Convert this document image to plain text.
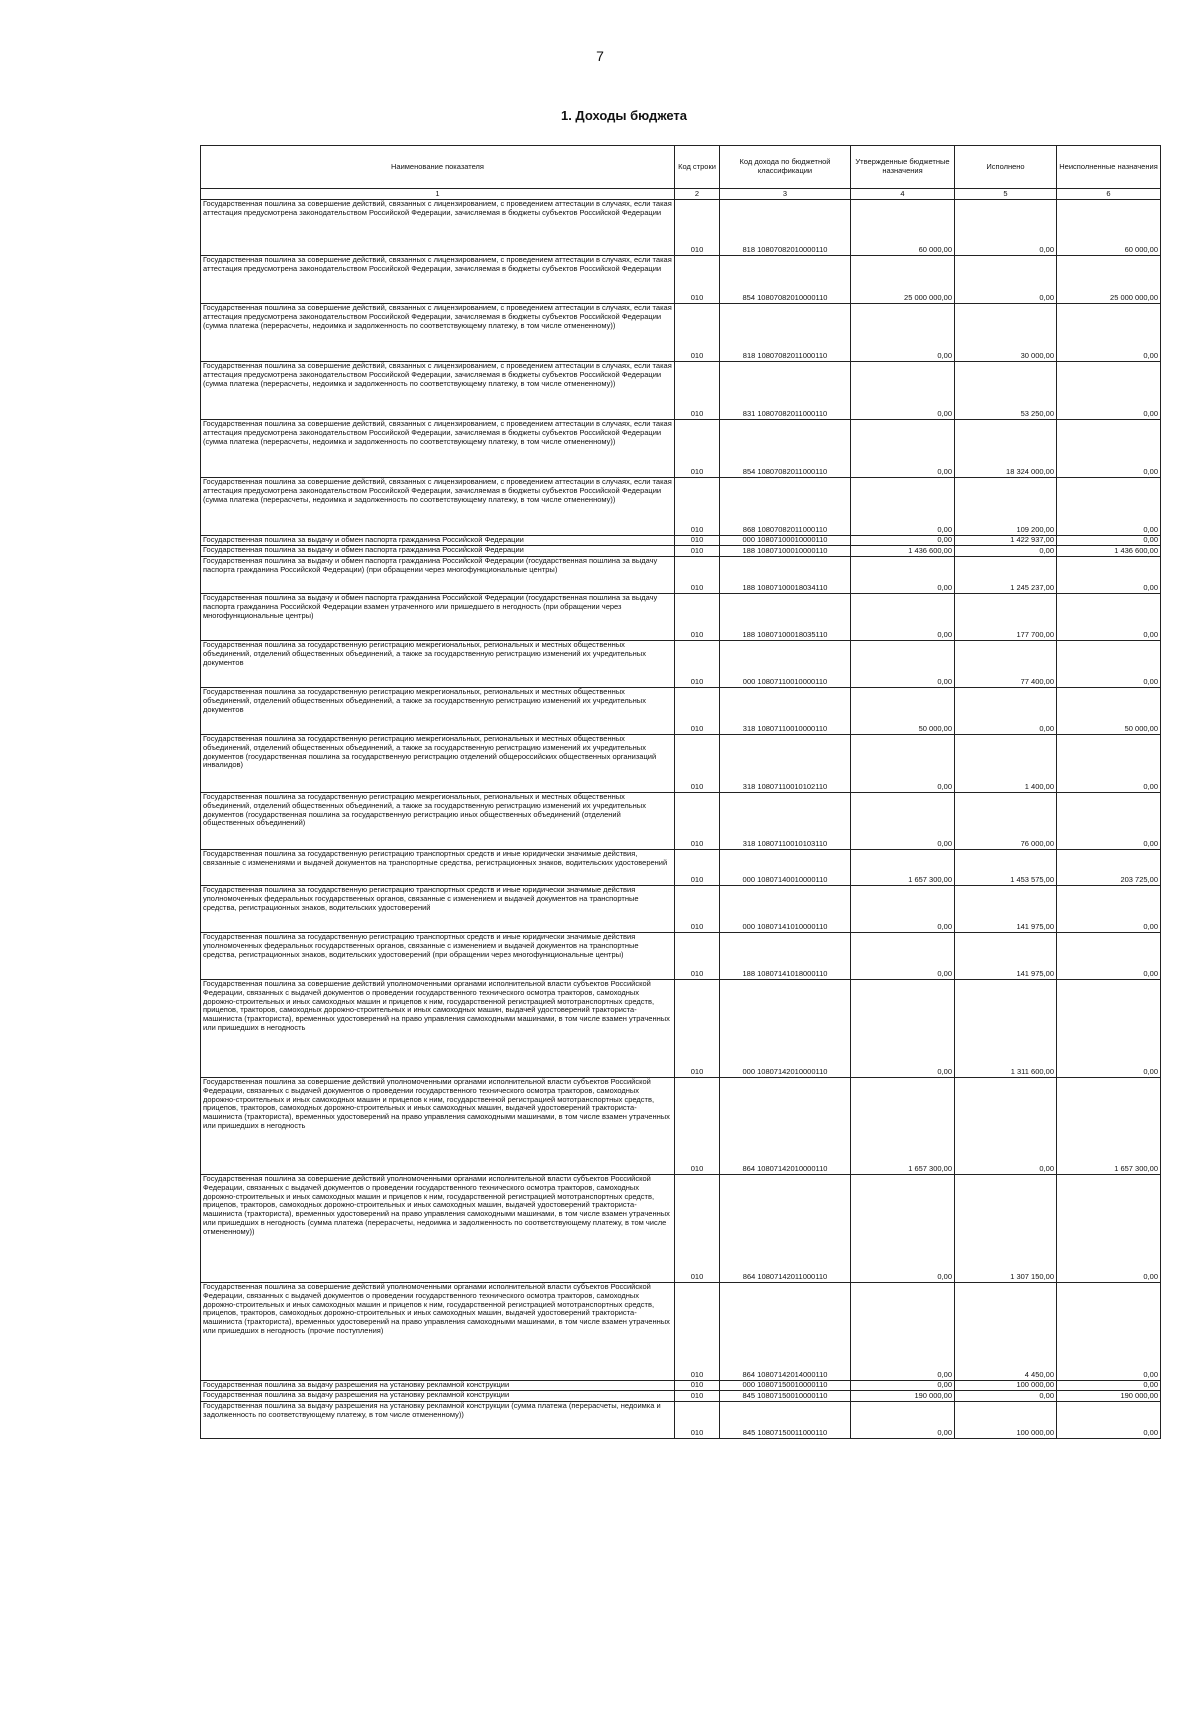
7
1. Доходы бюджета
Наименование показателя	Код строки	Код дохода по бюджетной классификации	Утвержденные бюджетные назначения	Исполнено	Неисполненные назначения
1	2	3	4	5	6
Государственная пошлина за совершение действий, связанных с лицензированием, с проведением аттестации в случаях, если такая аттестация предусмотрена законодательством Российской Федерации, зачисляемая в бюджеты субъектов Российской Федерации	010	818 10807082010000110	60 000,00	0,00	60 000,00
Государственная пошлина за совершение действий, связанных с лицензированием, с проведением аттестации в случаях, если такая аттестация предусмотрена законодательством Российской Федерации, зачисляемая в бюджеты субъектов Российской Федерации	010	854 10807082010000110	25 000 000,00	0,00	25 000 000,00
Государственная пошлина за совершение действий, связанных с лицензированием, с проведением аттестации в случаях, если такая аттестация предусмотрена законодательством Российской Федерации, зачисляемая в бюджеты субъектов Российской Федерации (сумма платежа (перерасчеты, недоимка и задолженность по соответствующему платежу, в том числе отмененному))	010	818 10807082011000110	0,00	30 000,00	0,00
Государственная пошлина за совершение действий, связанных с лицензированием, с проведением аттестации в случаях, если такая аттестация предусмотрена законодательством Российской Федерации, зачисляемая в бюджеты субъектов Российской Федерации (сумма платежа (перерасчеты, недоимка и задолженность по соответствующему платежу, в том числе отмененному))	010	831 10807082011000110	0,00	53 250,00	0,00
Государственная пошлина за совершение действий, связанных с лицензированием, с проведением аттестации в случаях, если такая аттестация предусмотрена законодательством Российской Федерации, зачисляемая в бюджеты субъектов Российской Федерации (сумма платежа (перерасчеты, недоимка и задолженность по соответствующему платежу, в том числе отмененному))	010	854 10807082011000110	0,00	18 324 000,00	0,00
Государственная пошлина за совершение действий, связанных с лицензированием, с проведением аттестации в случаях, если такая аттестация предусмотрена законодательством Российской Федерации, зачисляемая в бюджеты субъектов Российской Федерации (сумма платежа (перерасчеты, недоимка и задолженность по соответствующему платежу, в том числе отмененному))	010	868 10807082011000110	0,00	109 200,00	0,00
Государственная пошлина за выдачу и обмен паспорта гражданина Российской Федерации	010	000 10807100010000110	0,00	1 422 937,00	0,00
Государственная пошлина за выдачу и обмен паспорта гражданина Российской Федерации	010	188 10807100010000110	1 436 600,00	0,00	1 436 600,00
Государственная пошлина за выдачу и обмен паспорта гражданина Российской Федерации (государственная пошлина за выдачу паспорта гражданина Российской Федерации) (при обращении через многофункциональные центры)	010	188 10807100018034110	0,00	1 245 237,00	0,00
Государственная пошлина за выдачу и обмен паспорта гражданина Российской Федерации (государственная пошлина за выдачу паспорта гражданина Российской Федерации взамен утраченного или пришедшего в негодность (при обращении через многофункциональные центры)	010	188 10807100018035110	0,00	177 700,00	0,00
Государственная пошлина за государственную регистрацию межрегиональных, региональных и местных общественных объединений, отделений общественных объединений, а также за государственную регистрацию изменений их учредительных документов	010	000 10807110010000110	0,00	77 400,00	0,00
Государственная пошлина за государственную регистрацию межрегиональных, региональных и местных общественных объединений, отделений общественных объединений, а также за государственную регистрацию изменений их учредительных документов	010	318 10807110010000110	50 000,00	0,00	50 000,00
Государственная пошлина за государственную регистрацию межрегиональных, региональных и местных общественных объединений, отделений общественных объединений, а также за государственную регистрацию изменений их учредительных документов (государственная пошлина за государственную регистрацию отделений общероссийских общественных организаций инвалидов)	010	318 10807110010102110	0,00	1 400,00	0,00
Государственная пошлина за государственную регистрацию межрегиональных, региональных и местных общественных объединений, отделений общественных объединений, а также за государственную регистрацию изменений их учредительных документов (государственная пошлина за государственную регистрацию иных общественных объединений (отделений общественных объединений)	010	318 10807110010103110	0,00	76 000,00	0,00
Государственная пошлина за государственную регистрацию транспортных средств и иные юридически значимые действия, связанные с изменениями и выдачей документов на транспортные средства, регистрационных знаков, водительских удостоверений	010	000 10807140010000110	1 657 300,00	1 453 575,00	203 725,00
Государственная пошлина за государственную регистрацию транспортных средств и иные юридически значимые действия уполномоченных федеральных государственных органов, связанные с изменением и выдачей документов на транспортные средства, регистрационных знаков, водительских удостоверений	010	000 10807141010000110	0,00	141 975,00	0,00
Государственная пошлина за государственную регистрацию транспортных средств и иные юридически значимые действия уполномоченных федеральных государственных органов, связанные с изменением и выдачей документов на транспортные средства, регистрационных знаков, водительских удостоверений (при обращении через многофункциональные центры)	010	188 10807141018000110	0,00	141 975,00	0,00
Государственная пошлина за совершение действий уполномоченными органами исполнительной власти субъектов Российской Федерации, связанных с выдачей документов о проведении государственного технического осмотра тракторов, самоходных дорожно-строительных и иных самоходных машин и прицепов к ним, государственной регистрацией мототранспортных средств, прицепов, тракторов, самоходных дорожно-строительных и иных самоходных машин, выдачей удостоверений тракториста-машиниста (тракториста), временных удостоверений на право управления самоходными машинами, в том числе взамен утраченных или пришедших в негодность	010	000 10807142010000110	0,00	1 311 600,00	0,00
Государственная пошлина за совершение действий уполномоченными органами исполнительной власти субъектов Российской Федерации, связанных с выдачей документов о проведении государственного технического осмотра тракторов, самоходных дорожно-строительных и иных самоходных машин и прицепов к ним, государственной регистрацией мототранспортных средств, прицепов, тракторов, самоходных дорожно-строительных и иных самоходных машин, выдачей удостоверений тракториста-машиниста (тракториста), временных удостоверений на право управления самоходными машинами, в том числе взамен утраченных или пришедших в негодность	010	864 10807142010000110	1 657 300,00	0,00	1 657 300,00
Государственная пошлина за совершение действий уполномоченными органами исполнительной власти субъектов Российской Федерации, связанных с выдачей документов о проведении государственного технического осмотра тракторов, самоходных дорожно-строительных и иных самоходных машин и прицепов к ним, государственной регистрацией мототранспортных средств, прицепов, тракторов, самоходных дорожно-строительных и иных самоходных машин, выдачей удостоверений тракториста-машиниста (тракториста), временных удостоверений на право управления самоходными машинами, в том числе взамен утраченных или пришедших в негодность (сумма платежа (перерасчеты, недоимка и задолженность по соответствующему платежу, в том числе отмененному))	010	864 10807142011000110	0,00	1 307 150,00	0,00
Государственная пошлина за совершение действий уполномоченными органами исполнительной власти субъектов Российской Федерации, связанных с выдачей документов о проведении государственного технического осмотра тракторов, самоходных дорожно-строительных и иных самоходных машин и прицепов к ним, государственной регистрацией мототранспортных средств, прицепов, тракторов, самоходных дорожно-строительных и иных самоходных машин, выдачей удостоверений тракториста-машиниста (тракториста), временных удостоверений на право управления самоходными машинами, в том числе взамен утраченных или пришедших в негодность (прочие поступления)	010	864 10807142014000110	0,00	4 450,00	0,00
Государственная пошлина за выдачу разрешения на установку рекламной конструкции	010	000 10807150010000110	0,00	100 000,00	0,00
Государственная пошлина за выдачу разрешения на установку рекламной конструкции	010	845 10807150010000110	190 000,00	0,00	190 000,00
Государственная пошлина за выдачу разрешения на установку рекламной конструкции (сумма платежа (перерасчеты, недоимка и задолженность по соответствующему платежу, в том числе отмененному))	010	845 10807150011000110	0,00	100 000,00	0,00
